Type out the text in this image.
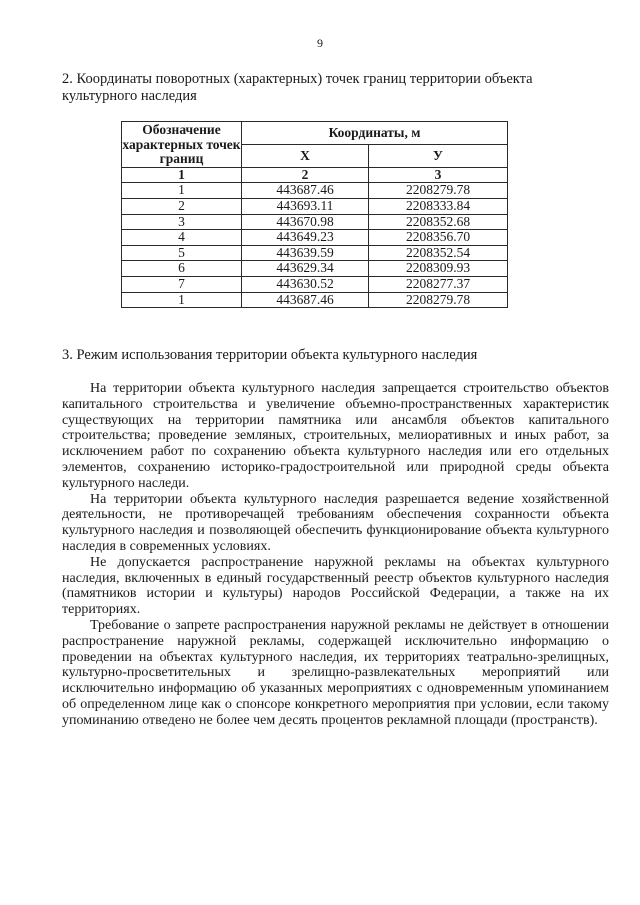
9
2. Координаты поворотных (характерных) точек границ территории объекта культурного наследия
Обозначение характерных точек границ	Координаты, м	
	X	У
1	2	3
1	443687.46	2208279.78
2	443693.11	2208333.84
3	443670.98	2208352.68
4	443649.23	2208356.70
5	443639.59	2208352.54
6	443629.34	2208309.93
7	443630.52	2208277.37
1	443687.46	2208279.78
3. Режим использования территории объекта культурного наследия

На территории объекта культурного наследия запрещается строительство объектов капитального строительства и увеличение объемно-пространственных характеристик существующих на территории памятника или ансамбля объектов капитального строительства; проведение земляных, строительных, мелиоративных и иных работ, за исключением работ по сохранению объекта культурного наследия или его отдельных элементов, сохранению историко-градостроительной или природной среды объекта культурного наследи.

На территории объекта культурного наследия разрешается ведение хозяйственной деятельности, не противоречащей требованиям обеспечения сохранности объекта культурного наследия и позволяющей обеспечить функционирование объекта культурного наследия в современных условиях.

Не допускается распространение наружной рекламы на объектах культурного наследия, включенных в единый государственный реестр объектов культурного наследия (памятников истории и культуры) народов Российской Федерации, а также на их территориях.

Требование о запрете распространения наружной рекламы не действует в отношении распространение наружной рекламы, содержащей исключительно информацию о проведении на объектах культурного наследия, их территориях театрально-зрелищных, культурно-просветительных и зрелищно-развлекательных мероприятий или исключительно информацию об указанных мероприятиях с одновременным упоминанием об определенном лице как о спонсоре конкретного мероприятия при условии, если такому упоминанию отведено не более чем десять процентов рекламной площади (пространств).
